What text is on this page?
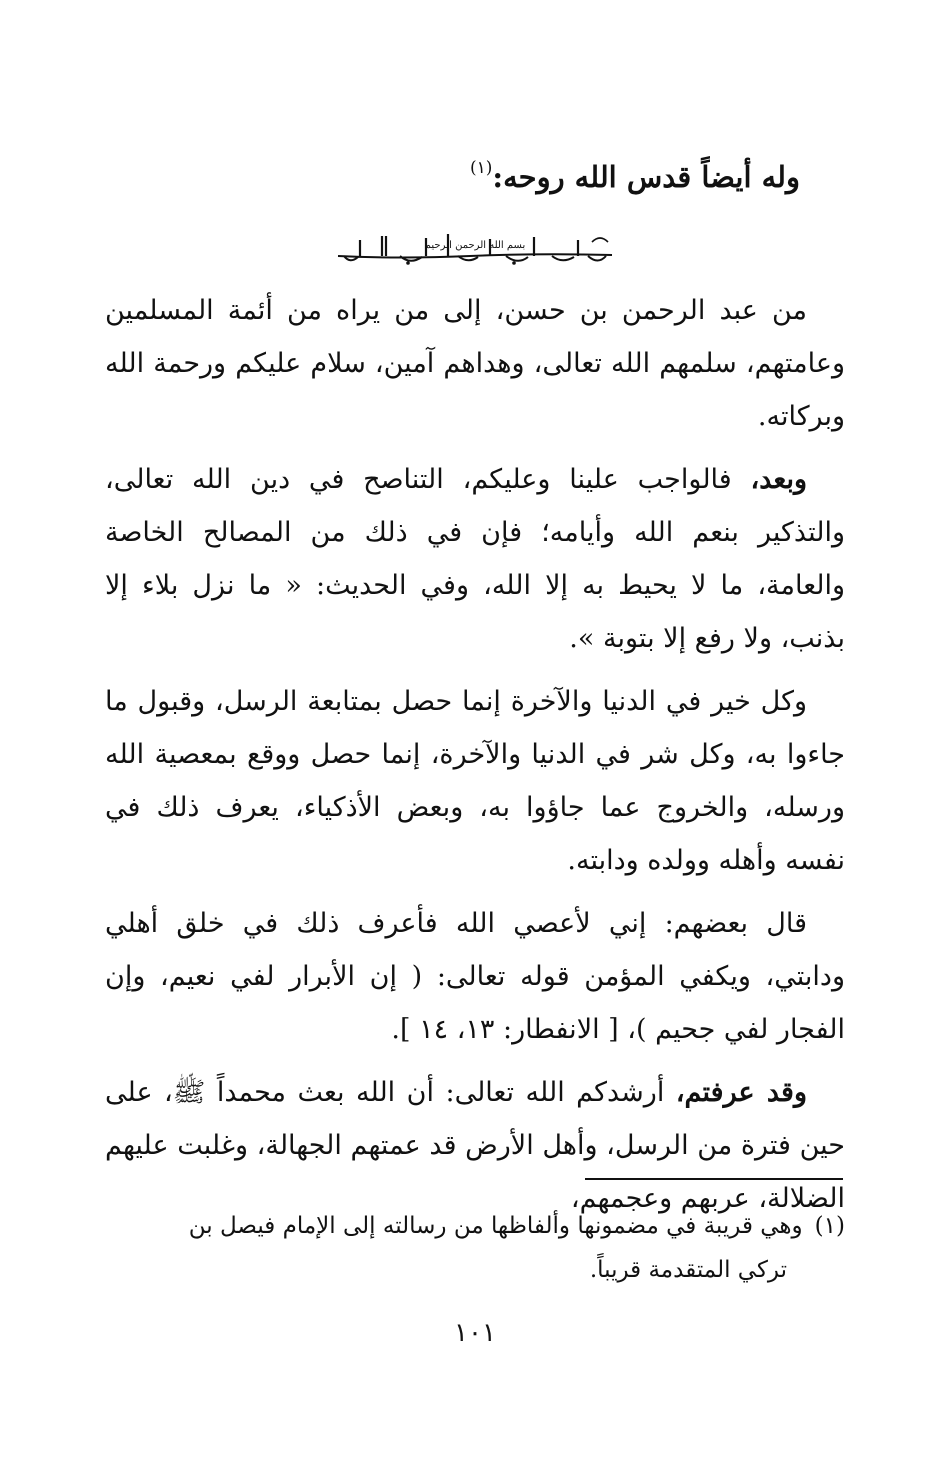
وله أيضاً قدس الله روحه:$^{(١)}$
بسم الله الرحمن الرحيم

من عبد الرحمن بن حسن، إلى من يراه من أئمة المسلمين وعامتهم، سلمهم الله تعالى، وهداهم آمين، سلام عليكم ورحمة الله وبركاته.

وبعد، فالواجب علينا وعليكم، التناصح في دين الله تعالى، والتذكير بنعم الله وأيامه؛ فإن في ذلك من المصالح الخاصة والعامة، ما لا يحيط به إلا الله، وفي الحديث: « ما نزل بلاء إلا بذنب، ولا رفع إلا بتوبة ».

وكل خير في الدنيا والآخرة إنما حصل بمتابعة الرسل، وقبول ما جاءوا به، وكل شر في الدنيا والآخرة، إنما حصل ووقع بمعصية الله ورسله، والخروج عما جاؤوا به، وبعض الأذكياء، يعرف ذلك في نفسه وأهله وولده ودابته.

قال بعضهم: إني لأعصي الله فأعرف ذلك في خلق أهلي ودابتي، ويكفي المؤمن قوله تعالى: ( إن الأبرار لفي نعيم، وإن الفجار لفي جحيم )، [ الانفطار: ١٣، ١٤ ].

وقد عرفتم، أرشدكم الله تعالى: أن الله بعث محمداً ﷺ، على حين فترة من الرسل، وأهل الأرض قد عمتهم الجهالة، وغلبت عليهم الضلالة، عربهم وعجمهم،

(١)وهي قريبة في مضمونها وألفاظها من رسالته إلى الإمام فيصل بن
تركي المتقدمة قريباً.
١٠١
